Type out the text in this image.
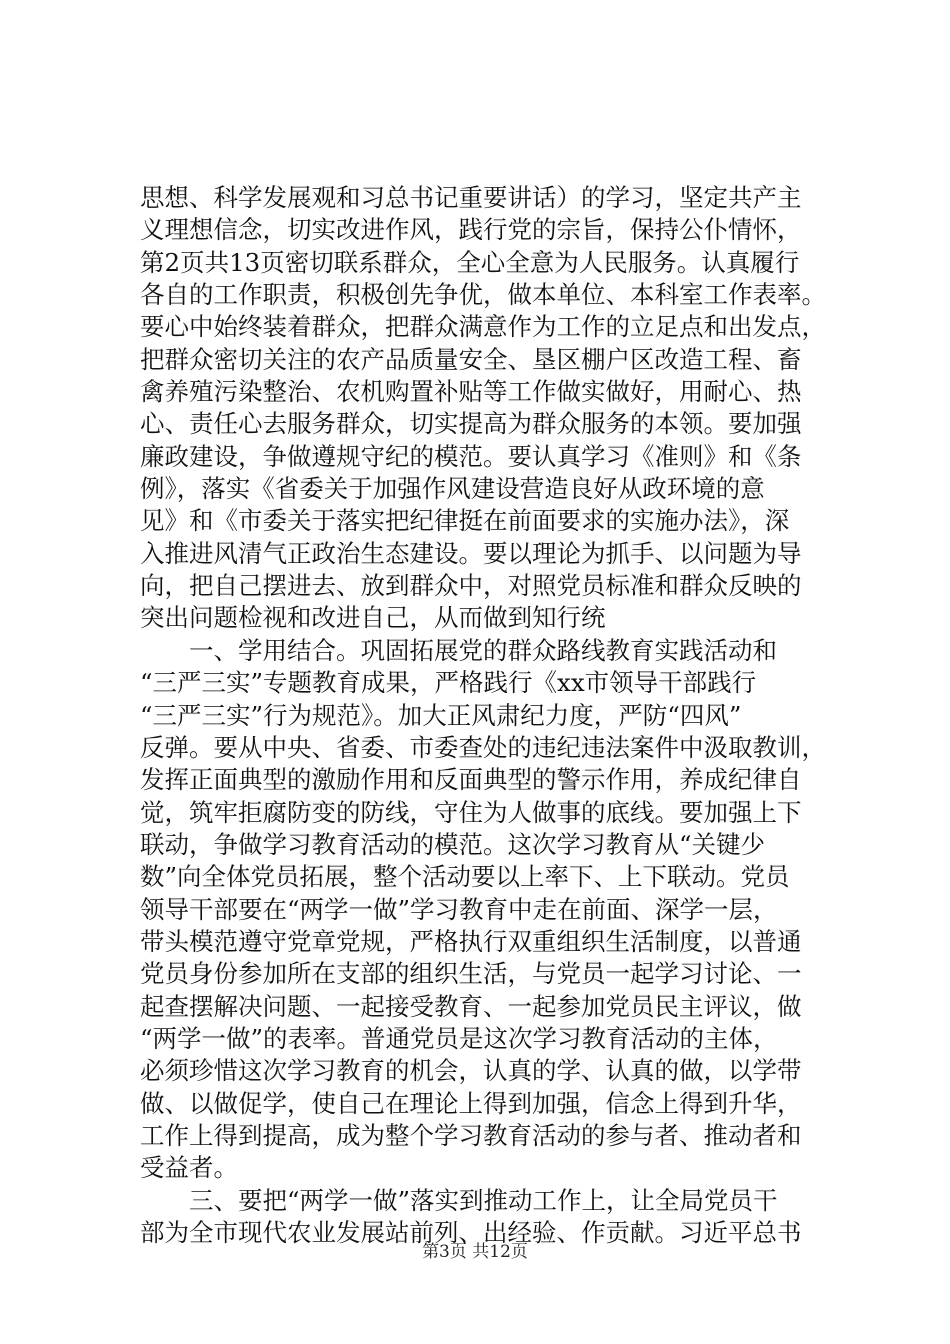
思想、科学发展观和习总书记重要讲话）的学习，坚定共产主
义理想信念，切实改进作风，践行党的宗旨，保持公仆情怀，
第2页共13页密切联系群众，全心全意为人民服务。认真履行
各自的工作职责，积极创先争优，做本单位、本科室工作表率。
要心中始终装着群众，把群众满意作为工作的立足点和出发点，
把群众密切关注的农产品质量安全、垦区棚户区改造工程、畜
禽养殖污染整治、农机购置补贴等工作做实做好，用耐心、热
心、责任心去服务群众，切实提高为群众服务的本领。要加强
廉政建设，争做遵规守纪的模范。要认真学习《准则》和《条
例》，落实《省委关于加强作风建设营造良好从政环境的意
见》和《市委关于落实把纪律挺在前面要求的实施办法》，深
入推进风清气正政治生态建设。要以理论为抓手、以问题为导
向，把自己摆进去、放到群众中，对照党员标准和群众反映的
突出问题检视和改进自己，从而做到知行统
　　一、学用结合。巩固拓展党的群众路线教育实践活动和
“三严三实”专题教育成果，严格践行《xx市领导干部践行
“三严三实”行为规范》。加大正风肃纪力度，严防“四风”
反弹。要从中央、省委、市委查处的违纪违法案件中汲取教训，
发挥正面典型的激励作用和反面典型的警示作用，养成纪律自
觉，筑牢拒腐防变的防线，守住为人做事的底线。要加强上下
联动，争做学习教育活动的模范。这次学习教育从“关键少
数”向全体党员拓展，整个活动要以上率下、上下联动。党员
领导干部要在“两学一做”学习教育中走在前面、深学一层，
带头模范遵守党章党规，严格执行双重组织生活制度，以普通
党员身份参加所在支部的组织生活，与党员一起学习讨论、一
起查摆解决问题、一起接受教育、一起参加党员民主评议，做
“两学一做”的表率。普通党员是这次学习教育活动的主体，
必须珍惜这次学习教育的机会，认真的学、认真的做，以学带
做、以做促学，使自己在理论上得到加强，信念上得到升华，
工作上得到提高，成为整个学习教育活动的参与者、推动者和
受益者。
　　三、要把“两学一做”落实到推动工作上，让全局党员干
部为全市现代农业发展站前列、出经验、作贡献。习近平总书
第3页 共12页
